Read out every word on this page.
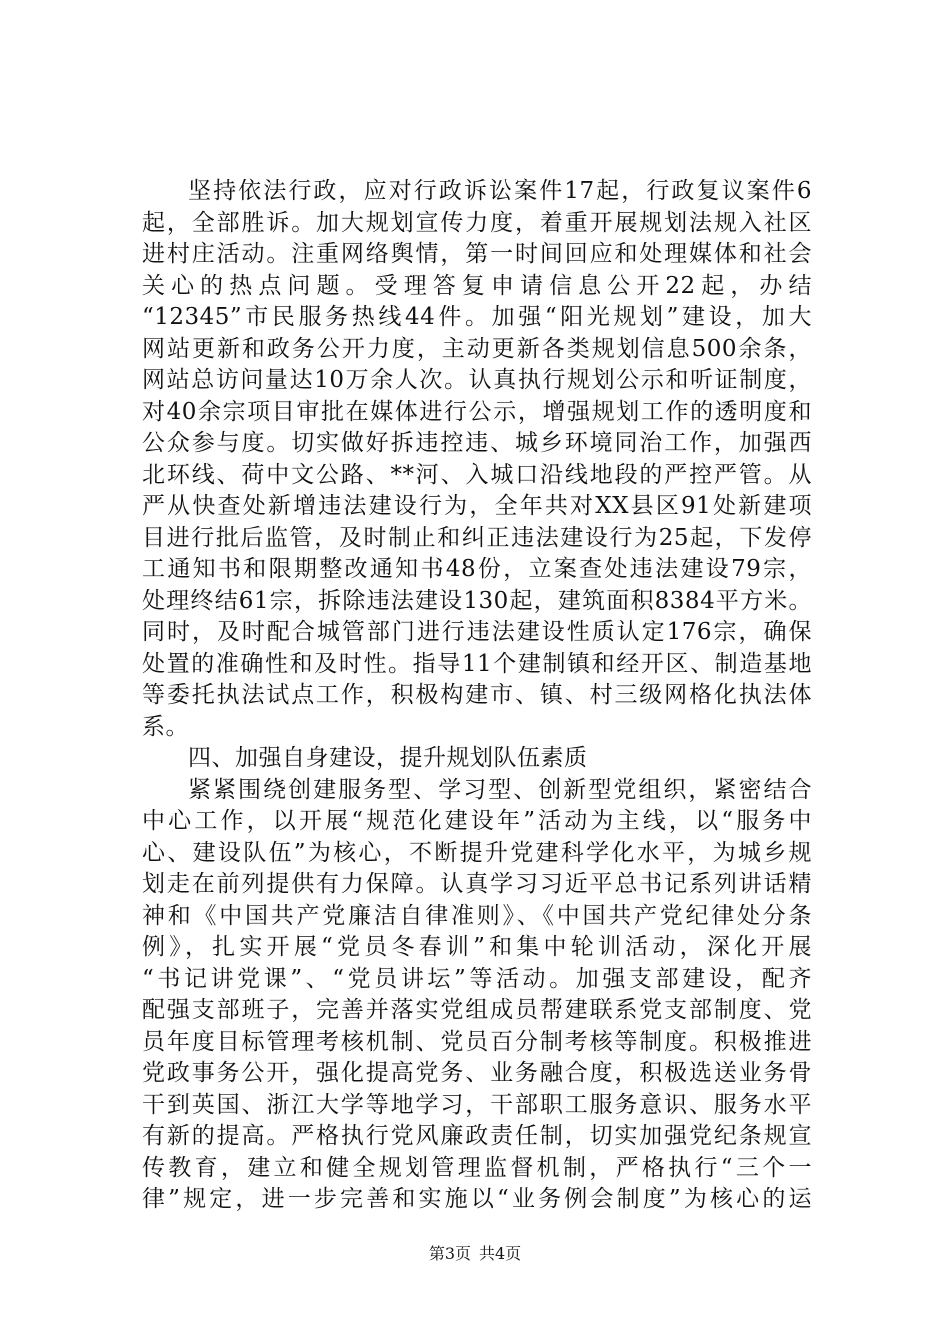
坚持依法行政，应对行政诉讼案件17起，行政复议案件6
起，全部胜诉。加大规划宣传力度，着重开展规划法规入社区
进村庄活动。注重网络舆情，第一时间回应和处理媒体和社会
关心的热点问题。受理答复申请信息公开22起，办结
“12345”市民服务热线44件。加强“阳光规划”建设，加大
网站更新和政务公开力度，主动更新各类规划信息500余条，
网站总访问量达10万余人次。认真执行规划公示和听证制度，
对40余宗项目审批在媒体进行公示，增强规划工作的透明度和
公众参与度。切实做好拆违控违、城乡环境同治工作，加强西
北环线、荷中文公路、**河、入城口沿线地段的严控严管。从
严从快查处新增违法建设行为，全年共对XX县区91处新建项
目进行批后监管，及时制止和纠正违法建设行为25起，下发停
工通知书和限期整改通知书48份，立案查处违法建设79宗，
处理终结61宗，拆除违法建设130起，建筑面积8384平方米。
同时，及时配合城管部门进行违法建设性质认定176宗，确保
处置的准确性和及时性。指导11个建制镇和经开区、制造基地
等委托执法试点工作，积极构建市、镇、村三级网格化执法体
系。
四、加强自身建设，提升规划队伍素质
紧紧围绕创建服务型、学习型、创新型党组织，紧密结合
中心工作，以开展“规范化建设年”活动为主线，以“服务中
心、建设队伍”为核心，不断提升党建科学化水平，为城乡规
划走在前列提供有力保障。认真学习习近平总书记系列讲话精
神和《中国共产党廉洁自律准则》、《中国共产党纪律处分条
例》，扎实开展“党员冬春训”和集中轮训活动，深化开展
“书记讲党课”、“党员讲坛”等活动。加强支部建设，配齐
配强支部班子，完善并落实党组成员帮建联系党支部制度、党
员年度目标管理考核机制、党员百分制考核等制度。积极推进
党政事务公开，强化提高党务、业务融合度，积极选送业务骨
干到英国、浙江大学等地学习，干部职工服务意识、服务水平
有新的提高。严格执行党风廉政责任制，切实加强党纪条规宣
传教育，建立和健全规划管理监督机制，严格执行“三个一
律”规定，进一步完善和实施以“业务例会制度”为核心的运
第3页 共4页
